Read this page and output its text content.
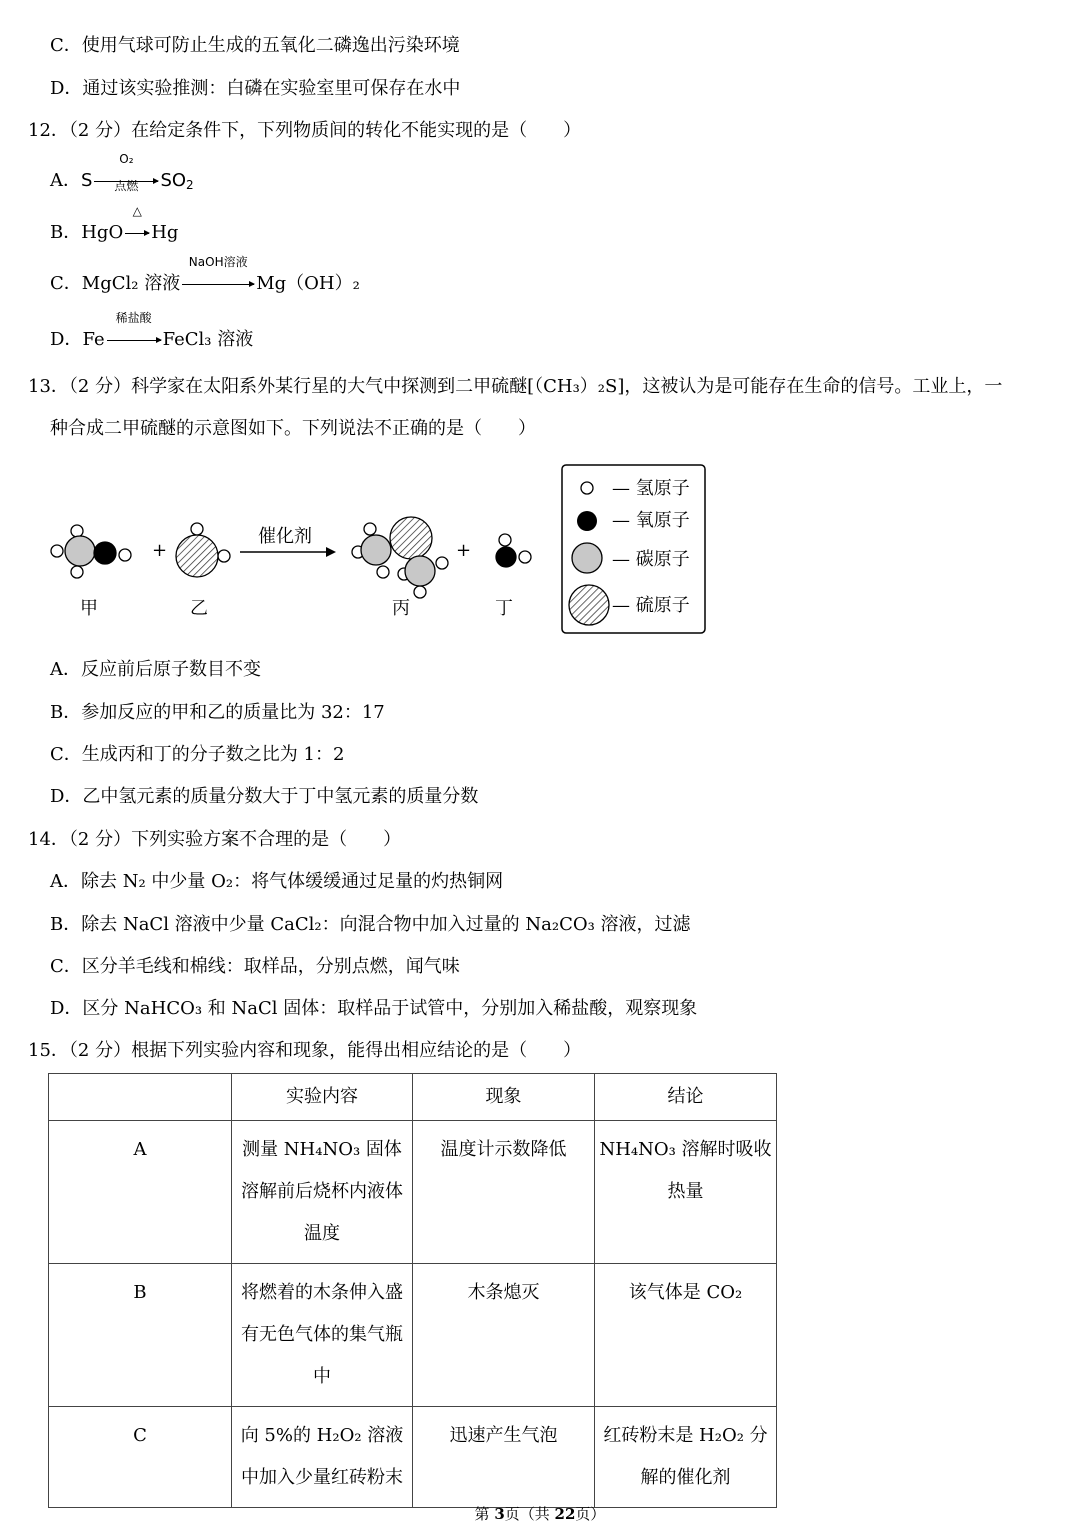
C．使用气球可防止生成的五氧化二磷逸出污染环境
D．通过该实验推测：白磷在实验室里可保存在水中
12．（2 分）在给定条件下，下列物质间的转化不能实现的是（　　）
A．S
O₂
点燃	$SO_2$
B．HgO
△
Hg
C．MgCl₂ 溶液
NaOH溶液
Mg（OH）₂
D．Fe
稀盐酸
FeCl₃ 溶液
13．（2 分）科学家在太阳系外某行星的大气中探测到二甲硫醚[（CH₃）₂S]，这被认为是可能存在生命的信号。工业上，一
种合成二甲硫醚的示意图如下。下列说法不正确的是（　　）
+
催化剂
+
甲	乙	丙	丁
— 氢原子
— 氧原子
— 碳原子
— 硫原子
A．反应前后原子数目不变
B．参加反应的甲和乙的质量比为 32：17
C．生成丙和丁的分子数之比为 1：2
D．乙中氢元素的质量分数大于丁中氢元素的质量分数
14．（2 分）下列实验方案不合理的是（　　）
A．除去 N₂ 中少量 O₂：将气体缓缓通过足量的灼热铜网
B．除去 NaCl 溶液中少量 CaCl₂：向混合物中加入过量的 Na₂CO₃ 溶液，过滤
C．区分羊毛线和棉线：取样品，分别点燃，闻气味
D．区分 NaHCO₃ 和 NaCl 固体：取样品于试管中，分别加入稀盐酸，观察现象
15．（2 分）根据下列实验内容和现象，能得出相应结论的是（　　）
	实验内容	现象	结论
A	测量 NH₄NO₃ 固体溶解前后烧杯内液体温度	温度计示数降低	NH₄NO₃ 溶解时吸收热量
B	将燃着的木条伸入盛有无色气体的集气瓶中	木条熄灭	该气体是 CO₂
C	向 5%的 H₂O₂ 溶液中加入少量红砖粉末	迅速产生气泡	红砖粉末是 H₂O₂ 分解的催化剂
第 3页（共 22页）
